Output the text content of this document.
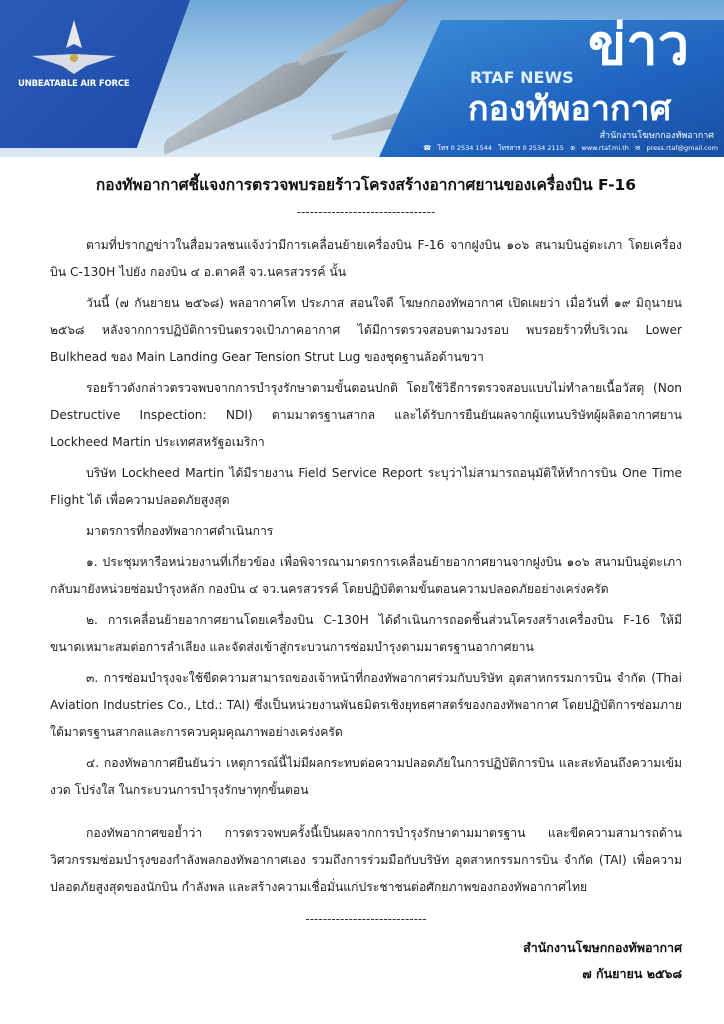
UNBEATABLE AIR FORCE	RTAF NEWS ข่าว
กองทัพอากาศ
สำนักงานโฆษกกองทัพอากาศ
☎ โทร 0 2534 1544 โทรสาร 0 2534 2115 ⊕ www.rtaf.mi.th ✉ press.rtaf@gmail.com
กองทัพอากาศชี้แจงการตรวจพบรอยร้าวโครงสร้างอากาศยานของเครื่องบิน F-16
--------------------------------

ตามที่ปรากฏข่าวในสื่อมวลชนแจ้งว่ามีการเคลื่อนย้ายเครื่องบิน F-16 จากฝูงบิน ๑๐๖ สนามบินอู่ตะเภา โดยเครื่องบิน C-130H ไปยัง กองบิน ๔ อ.ตาคลี จว.นครสวรรค์ นั้น

วันนี้ (๗ กันยายน ๒๕๖๘) พลอากาศโท ประภาส สอนใจดี โฆษกกองทัพอากาศ เปิดเผยว่า เมื่อวันที่ ๑๙ มิถุนายน ๒๕๖๘ หลังจากการปฏิบัติการบินตรวจเป้าภาคอากาศ ได้มีการตรวจสอบตามวงรอบ พบรอยร้าวที่บริเวณ Lower Bulkhead ของ Main Landing Gear Tension Strut Lug ของชุดฐานล้อด้านขวา

รอยร้าวดังกล่าวตรวจพบจากการบำรุงรักษาตามขั้นตอนปกติ โดยใช้วิธีการตรวจสอบแบบไม่ทำลายเนื้อวัสดุ (Non Destructive Inspection: NDI) ตามมาตรฐานสากล และได้รับการยืนยันผลจากผู้แทนบริษัทผู้ผลิตอากาศยาน Lockheed Martin ประเทศสหรัฐอเมริกา

บริษัท Lockheed Martin ได้มีรายงาน Field Service Report ระบุว่าไม่สามารถอนุมัติให้ทำการบิน One Time Flight ได้ เพื่อความปลอดภัยสูงสุด

มาตรการที่กองทัพอากาศดำเนินการ

๑. ประชุมหารือหน่วยงานที่เกี่ยวข้อง เพื่อพิจารณามาตรการเคลื่อนย้ายอากาศยานจากฝูงบิน ๑๐๖ สนามบินอู่ตะเภา กลับมายังหน่วยซ่อมบำรุงหลัก กองบิน ๔ จว.นครสวรรค์ โดยปฏิบัติตามขั้นตอนความปลอดภัยอย่างเคร่งครัด

๒. การเคลื่อนย้ายอากาศยานโดยเครื่องบิน C-130H ได้ดำเนินการถอดชิ้นส่วนโครงสร้างเครื่องบิน F-16 ให้มีขนาดเหมาะสมต่อการลำเลียง และจัดส่งเข้าสู่กระบวนการซ่อมบำรุงตามมาตรฐานอากาศยาน

๓. การซ่อมบำรุงจะใช้ขีดความสามารถของเจ้าหน้าที่กองทัพอากาศร่วมกับบริษัท อุตสาหกรรมการบิน จำกัด (Thai Aviation Industries Co., Ltd.: TAI) ซึ่งเป็นหน่วยงานพันธมิตรเชิงยุทธศาสตร์ของกองทัพอากาศ โดยปฏิบัติการซ่อมภายใต้มาตรฐานสากลและการควบคุมคุณภาพอย่างเคร่งครัด

๔. กองทัพอากาศยืนยันว่า เหตุการณ์นี้ไม่มีผลกระทบต่อความปลอดภัยในการปฏิบัติการบิน และสะท้อนถึงความเข้มงวด โปร่งใส ในกระบวนการบำรุงรักษาทุกขั้นตอน

กองทัพอากาศขอย้ำว่า การตรวจพบครั้งนี้เป็นผลจากการบำรุงรักษาตามมาตรฐาน และขีดความสามารถด้านวิศวกรรมซ่อมบำรุงของกำลังพลกองทัพอากาศเอง รวมถึงการร่วมมือกับบริษัท อุตสาหกรรมการบิน จำกัด (TAI) เพื่อความปลอดภัยสูงสุดของนักบิน กำลังพล และสร้างความเชื่อมั่นแก่ประชาชนต่อศักยภาพของกองทัพอากาศไทย

----------------------------
สำนักงานโฆษกกองทัพอากาศ
๗ กันยายน ๒๕๖๘
